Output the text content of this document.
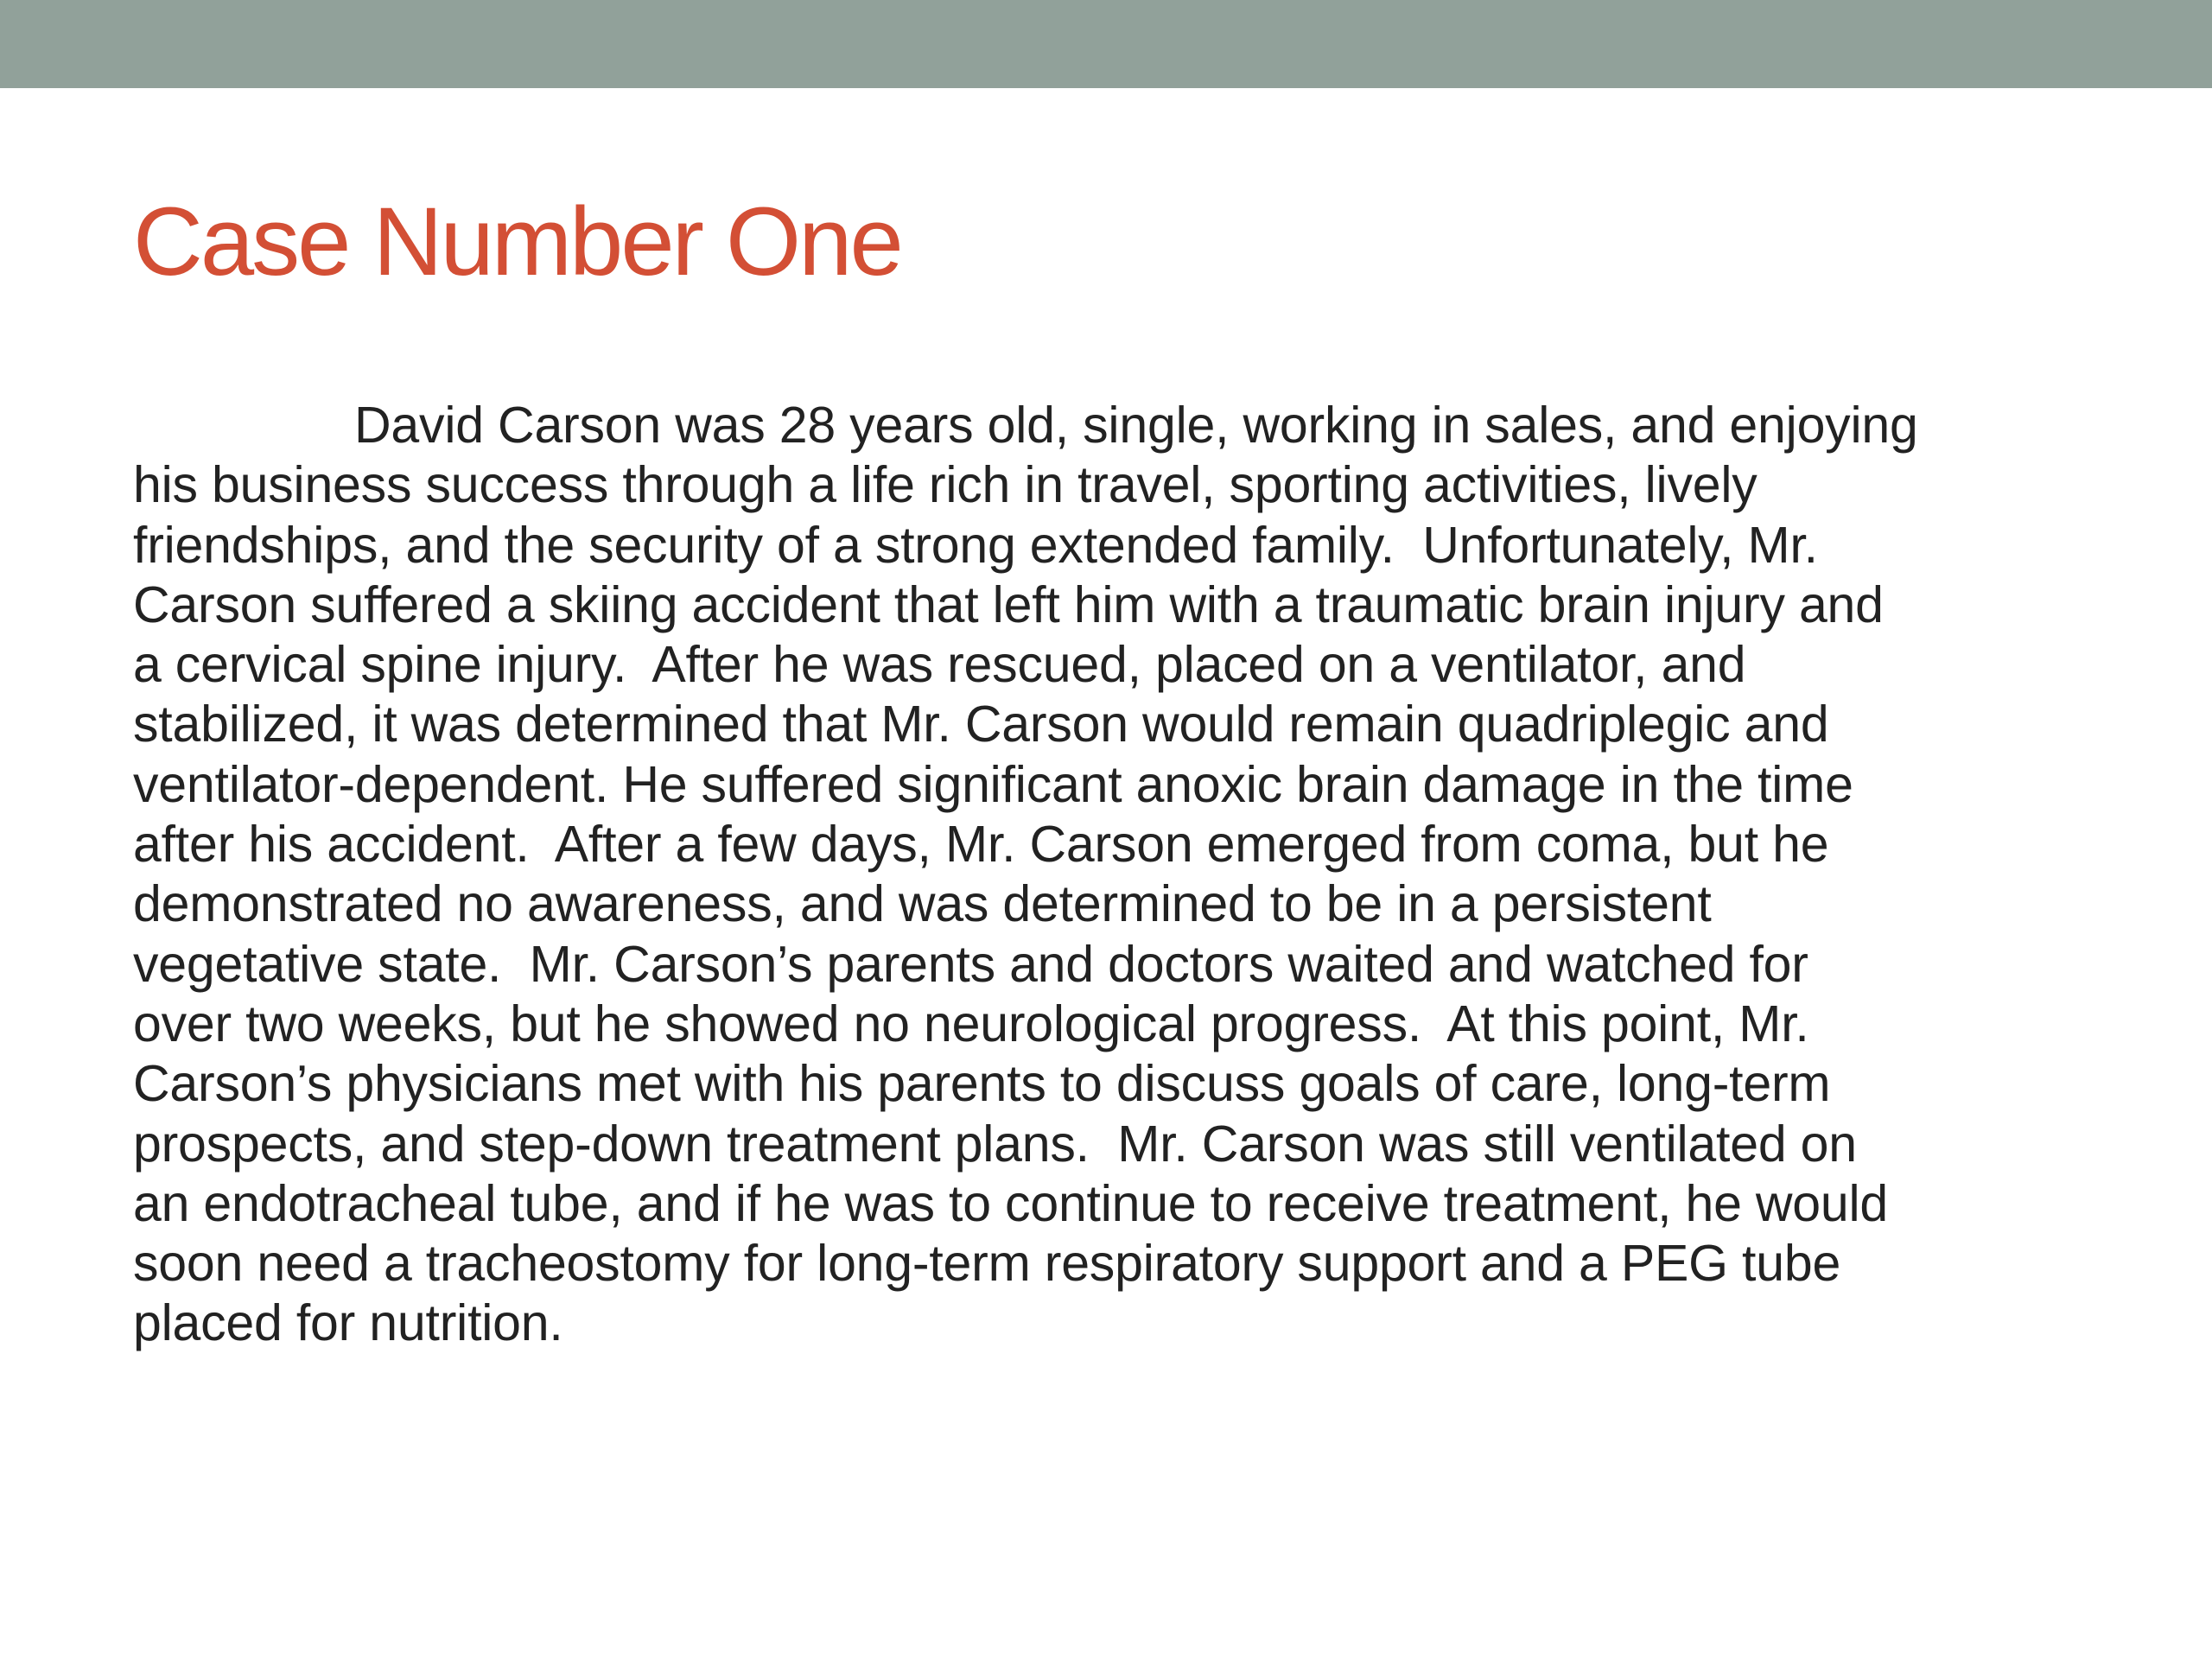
Case Number One
David Carson was 28 years old, single, working in sales, and enjoying
his business success through a life rich in travel, sporting activities, lively
friendships, and the security of a strong extended family.  Unfortunately, Mr.
Carson suffered a skiing accident that left him with a traumatic brain injury and
a cervical spine injury.  After he was rescued, placed on a ventilator, and
stabilized, it was determined that Mr. Carson would remain quadriplegic and
ventilator-dependent. He suffered significant anoxic brain damage in the time
after his accident.  After a few days, Mr. Carson emerged from coma, but he
demonstrated no awareness, and was determined to be in a persistent
vegetative state.  Mr. Carson’s parents and doctors waited and watched for
over two weeks, but he showed no neurological progress.  At this point, Mr.
Carson’s physicians met with his parents to discuss goals of care, long-term
prospects, and step-down treatment plans.  Mr. Carson was still ventilated on
an endotracheal tube, and if he was to continue to receive treatment, he would
soon need a tracheostomy for long-term respiratory support and a PEG tube
placed for nutrition.
